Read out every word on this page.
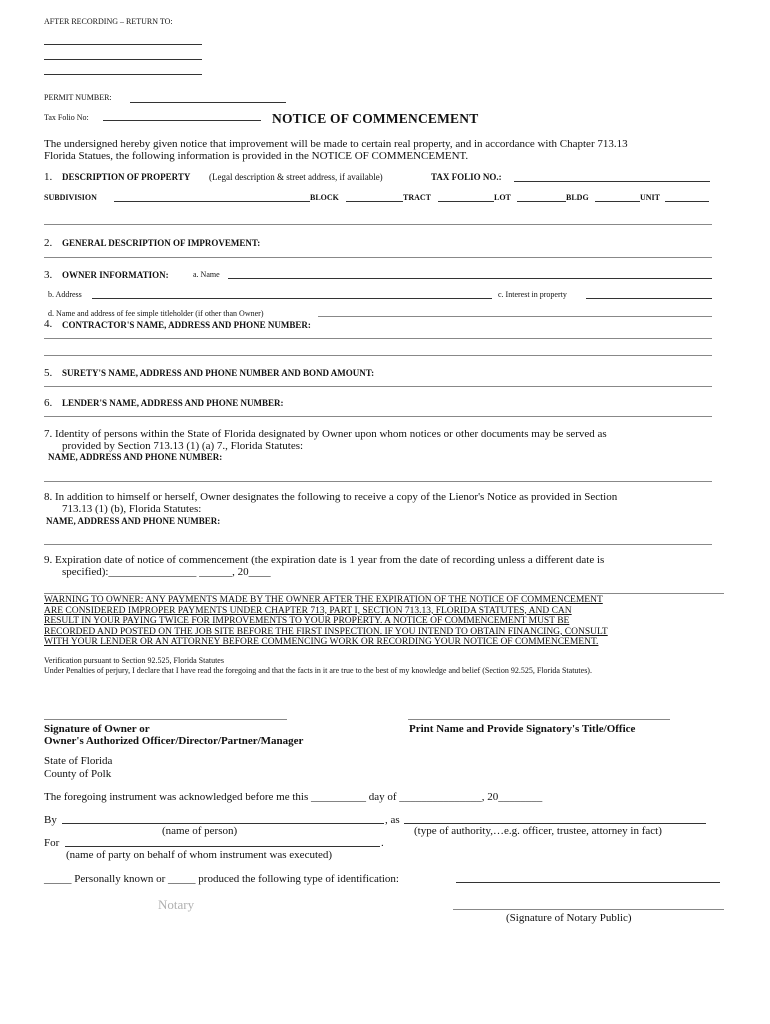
AFTER RECORDING – RETURN TO:
PERMIT NUMBER:
Tax Folio No:	NOTICE OF COMMENCEMENT
The undersigned hereby given notice that improvement will be made to certain real property, and in accordance with Chapter 713.13
Florida Statues, the following information is provided in the NOTICE OF COMMENCEMENT.
1. DESCRIPTION OF PROPERTY (Legal description & street address, if available)	TAX FOLIO NO.:
SUBDIVISION	BLOCK	TRACT	LOT	BLDG	UNIT
2. GENERAL DESCRIPTION OF IMPROVEMENT:
3. OWNER INFORMATION:	a. Name
b. Address	c. Interest in property
d. Name and address of fee simple titleholder (if other than Owner)
4. CONTRACTOR'S NAME, ADDRESS AND PHONE NUMBER:
5. SURETY'S NAME, ADDRESS AND PHONE NUMBER AND BOND AMOUNT:
6. LENDER'S NAME, ADDRESS AND PHONE NUMBER:
7. Identity of persons within the State of Florida designated by Owner upon whom notices or other documents may be served as
provided by Section 713.13 (1) (a) 7., Florida Statutes:
NAME, ADDRESS AND PHONE NUMBER:
8. In addition to himself or herself, Owner designates the following to receive a copy of the Lienor's Notice as provided in Section
713.13 (1) (b), Florida Statutes:
NAME, ADDRESS AND PHONE NUMBER:
9. Expiration date of notice of commencement (the expiration date is 1 year from the date of recording unless a different date is
specified):________________ ______, 20____
WARNING TO OWNER: ANY PAYMENTS MADE BY THE OWNER AFTER THE EXPIRATION OF THE NOTICE OF COMMENCEMENT
ARE CONSIDERED IMPROPER PAYMENTS UNDER CHAPTER 713, PART I, SECTION 713.13, FLORIDA STATUTES, AND CAN
RESULT IN YOUR PAYING TWICE FOR IMPROVEMENTS TO YOUR PROPERTY. A NOTICE OF COMMENCEMENT MUST BE
RECORDED AND POSTED ON THE JOB SITE BEFORE THE FIRST INSPECTION. IF YOU INTEND TO OBTAIN FINANCING, CONSULT
WITH YOUR LENDER OR AN ATTORNEY BEFORE COMMENCING WORK OR RECORDING YOUR NOTICE OF COMMENCEMENT.
Verification pursuant to Section 92.525, Florida Statutes
Under Penalties of perjury, I declare that I have read the foregoing and that the facts in it are true to the best of my knowledge and belief (Section 92.525, Florida Statutes).
Signature of Owner or
Owner's Authorized Officer/Director/Partner/Manager
Print Name and Provide Signatory's Title/Office
State of Florida
County of Polk
The foregoing instrument was acknowledged before me this __________ day of _______________, 20________
By	, as
(name of person)	(type of authority,…e.g. officer, trustee, attorney in fact)
For	.
(name of party on behalf of whom instrument was executed)
_____ Personally known or _____ produced the following type of identification:
Notary
(Signature of Notary Public)
